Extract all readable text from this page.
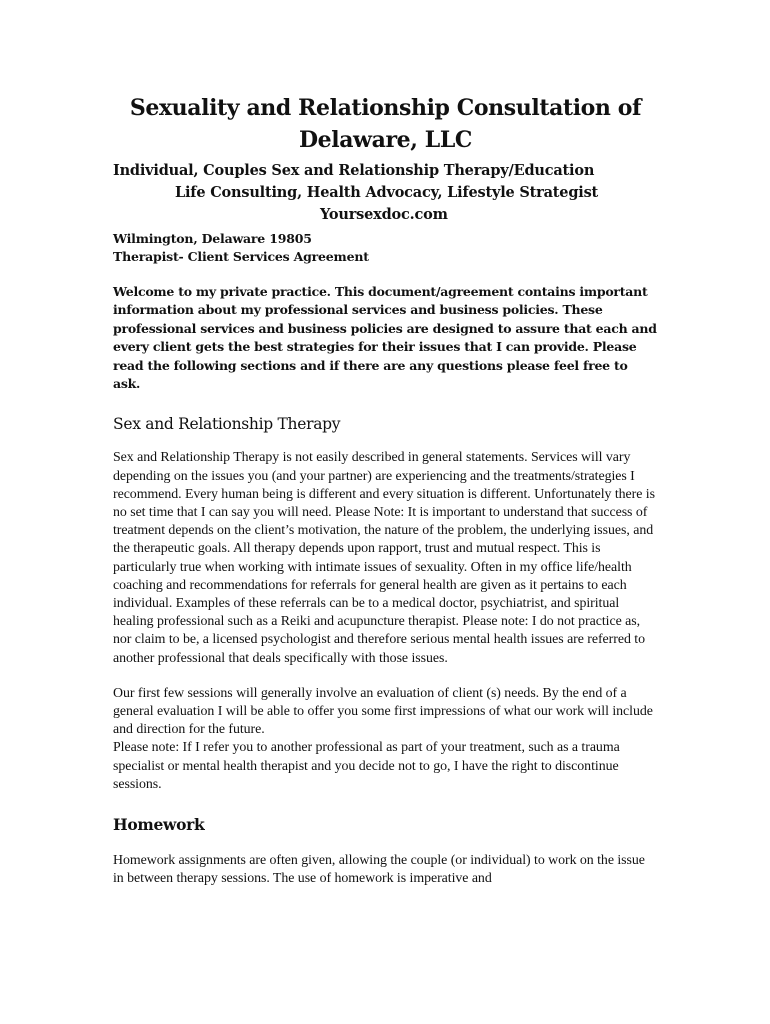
Sexuality and Relationship Consultation of
Delaware, LLC

Individual, Couples Sex and Relationship Therapy/Education

Life Consulting, Health Advocacy, Lifestyle Strategist

Yoursexdoc.com

Wilmington, Delaware 19805

Therapist- Client Services Agreement

Welcome to my private practice. This document/agreement contains important information about my professional services and business policies. These professional services and business policies are designed to assure that each and every client gets the best strategies for their issues that I can provide. Please read the following sections and if there are any questions please feel free to ask.

Sex and Relationship Therapy

Sex and Relationship Therapy is not easily described in general statements. Services will vary depending on the issues you (and your partner) are experiencing and the treatments/strategies I recommend. Every human being is different and every situation is different. Unfortunately there is no set time that I can say you will need. Please Note: It is important to understand that success of treatment depends on the client’s motivation, the nature of the problem, the underlying issues, and the therapeutic goals. All therapy depends upon rapport, trust and mutual respect. This is particularly true when working with intimate issues of sexuality. Often in my office life/health coaching and recommendations for referrals for general health are given as it pertains to each individual. Examples of these referrals can be to a medical doctor, psychiatrist, and spiritual healing professional such as a Reiki and acupuncture therapist. Please note: I do not practice as, nor claim to be, a licensed psychologist and therefore serious mental health issues are referred to another professional that deals specifically with those issues.

Our first few sessions will generally involve an evaluation of client (s) needs. By the end of a general evaluation I will be able to offer you some first impressions of what our work will include and direction for the future.

Please note: If I refer you to another professional as part of your treatment, such as a trauma specialist or mental health therapist and you decide not to go, I have the right to discontinue sessions.

Homework

Homework assignments are often given, allowing the couple (or individual) to work on the issue in between therapy sessions. The use of homework is imperative and
